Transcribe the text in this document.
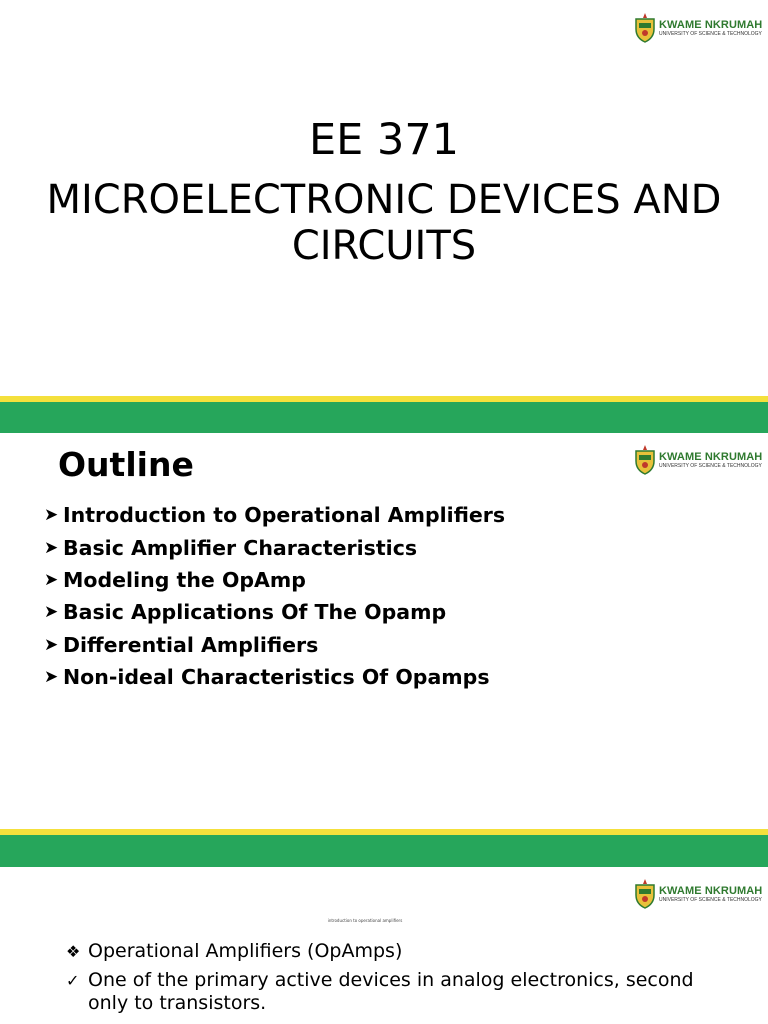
KWAME NKRUMAH
UNIVERSITY OF SCIENCE & TECHNOLOGY
EE 371
MICROELECTRONIC DEVICES AND CIRCUITS
KWAME NKRUMAH
UNIVERSITY OF SCIENCE & TECHNOLOGY
Outline
➤ Introduction to Operational Amplifiers
➤ Basic Amplifier Characteristics
➤ Modeling the OpAmp
➤ Basic Applications Of The Opamp
➤ Differential Amplifiers
➤ Non-ideal Characteristics Of Opamps
KWAME NKRUMAH
UNIVERSITY OF SCIENCE & TECHNOLOGY
introduction to operational amplifiers
❖ Operational Amplifiers (OpAmps)
✓ One of the primary active devices in analog electronics, second only to transistors.
